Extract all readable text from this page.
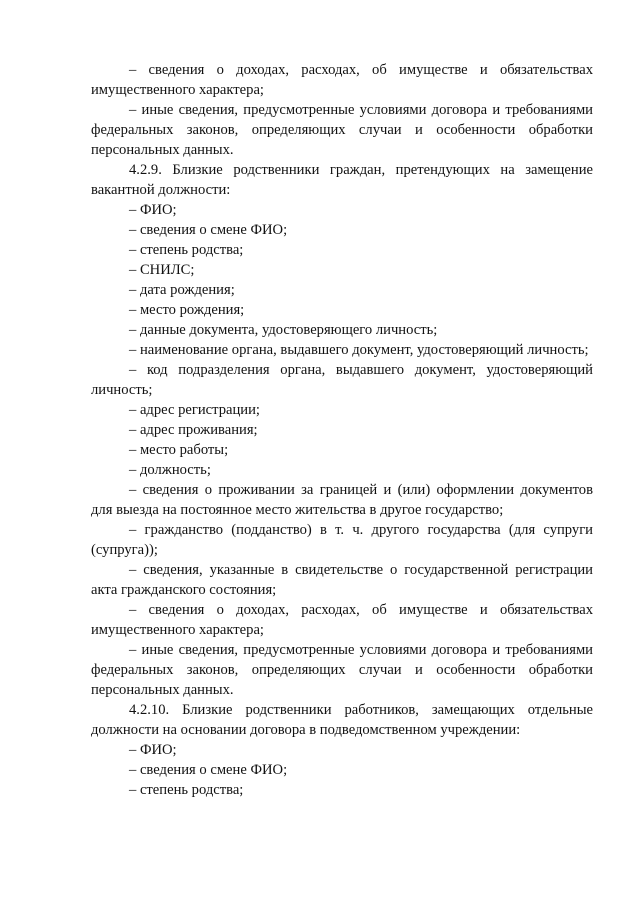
– сведения о доходах, расходах, об имуществе и обязательствах имущественного характера;

– иные сведения, предусмотренные условиями договора и требованиями федеральных законов, определяющих случаи и особенности обработки персональных данных.

4.2.9. Близкие родственники граждан, претендующих на замещение вакантной должности:

– ФИО;

– сведения о смене ФИО;

– степень родства;

– СНИЛС;

– дата рождения;

– место рождения;

– данные документа, удостоверяющего личность;

– наименование органа, выдавшего документ, удостоверяющий личность;

– код подразделения органа, выдавшего документ, удостоверяющий личность;

– адрес регистрации;

– адрес проживания;

– место работы;

– должность;

– сведения о проживании за границей и (или) оформлении документов для выезда на постоянное место жительства в другое государство;

– гражданство (подданство) в т. ч. другого государства (для супруги (супруга));

– сведения, указанные в свидетельстве о государственной регистрации акта гражданского состояния;

– сведения о доходах, расходах, об имуществе и обязательствах имущественного характера;

– иные сведения, предусмотренные условиями договора и требованиями федеральных законов, определяющих случаи и особенности обработки персональных данных.

4.2.10. Близкие родственники работников, замещающих отдельные должности на основании договора в подведомственном учреждении:

– ФИО;

– сведения о смене ФИО;

– степень родства;
